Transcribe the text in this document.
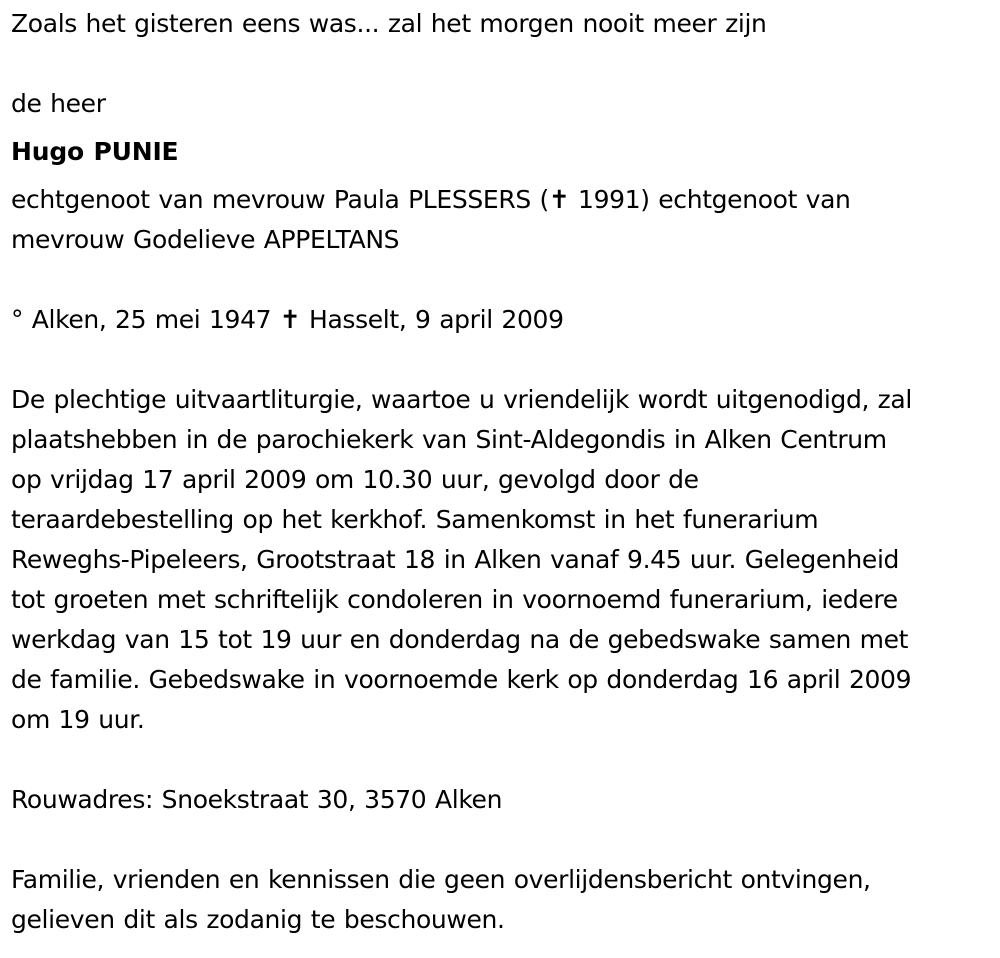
Zoals het gisteren eens was... zal het morgen nooit meer zijn
de heer
Hugo PUNIE
echtgenoot van mevrouw Paula PLESSERS (✝ 1991) echtgenoot van
mevrouw Godelieve APPELTANS
° Alken, 25 mei 1947 ✝ Hasselt, 9 april 2009
De plechtige uitvaartliturgie, waartoe u vriendelijk wordt uitgenodigd, zal
plaatshebben in de parochiekerk van Sint-Aldegondis in Alken Centrum
op vrijdag 17 april 2009 om 10.30 uur, gevolgd door de
teraardebestelling op het kerkhof. Samenkomst in het funerarium
Reweghs-Pipeleers, Grootstraat 18 in Alken vanaf 9.45 uur. Gelegenheid
tot groeten met schriftelijk condoleren in voornoemd funerarium, iedere
werkdag van 15 tot 19 uur en donderdag na de gebedswake samen met
de familie. Gebedswake in voornoemde kerk op donderdag 16 april 2009
om 19 uur.
Rouwadres: Snoekstraat 30, 3570 Alken
Familie, vrienden en kennissen die geen overlijdensbericht ontvingen,
gelieven dit als zodanig te beschouwen.
